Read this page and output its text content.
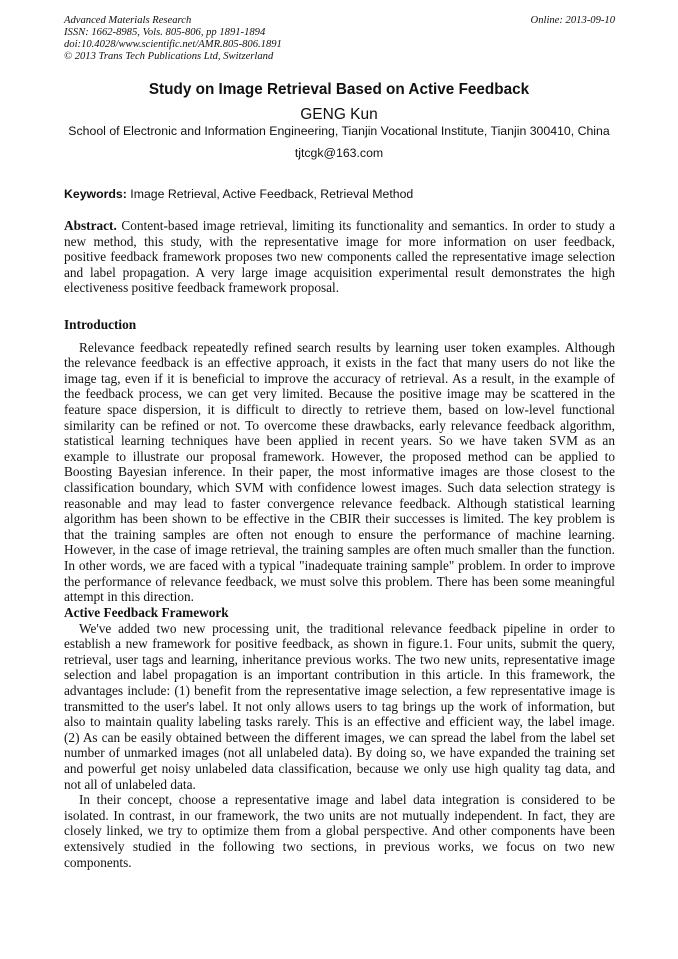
Advanced Materials Research
ISSN: 1662-8985, Vols. 805-806, pp 1891-1894
doi:10.4028/www.scientific.net/AMR.805-806.1891
© 2013 Trans Tech Publications Ltd, Switzerland
Online: 2013-09-10
Study on Image Retrieval Based on Active Feedback
GENG Kun
School of Electronic and Information Engineering, Tianjin Vocational Institute, Tianjin 300410, China
tjtcgk@163.com
Keywords: Image Retrieval, Active Feedback, Retrieval Method
Abstract. Content-based image retrieval, limiting its functionality and semantics. In order to study a
new method, this study, with the representative image for more information on user feedback,
positive feedback framework proposes two new components called the representative image selection
and label propagation. A very large image acquisition experimental result demonstrates the high
electiveness positive feedback framework proposal.
Introduction
Relevance feedback repeatedly refined search results by learning user token examples. Although
the relevance feedback is an effective approach, it exists in the fact that many users do not like the
image tag, even if it is beneficial to improve the accuracy of retrieval. As a result, in the example of
the feedback process, we can get very limited. Because the positive image may be scattered in the
feature space dispersion, it is difficult to directly to retrieve them, based on low-level functional
similarity can be refined or not. To overcome these drawbacks, early relevance feedback algorithm,
statistical learning techniques have been applied in recent years. So we have taken SVM as an
example to illustrate our proposal framework. However, the proposed method can be applied to
Boosting Bayesian inference. In their paper, the most informative images are those closest to the
classification boundary, which SVM with confidence lowest images. Such data selection strategy is
reasonable and may lead to faster convergence relevance feedback. Although statistical learning
algorithm has been shown to be effective in the CBIR their successes is limited. The key problem is
that the training samples are often not enough to ensure the performance of machine learning.
However, in the case of image retrieval, the training samples are often much smaller than the function.
In other words, we are faced with a typical "inadequate training sample" problem. In order to improve
the performance of relevance feedback, we must solve this problem. There has been some meaningful
attempt in this direction.
Active Feedback Framework
We've added two new processing unit, the traditional relevance feedback pipeline in order to
establish a new framework for positive feedback, as shown in figure.1. Four units, submit the query,
retrieval, user tags and learning, inheritance previous works. The two new units, representative image
selection and label propagation is an important contribution in this article. In this framework, the
advantages include: (1) benefit from the representative image selection, a few representative image is
transmitted to the user's label. It not only allows users to tag brings up the work of information, but
also to maintain quality labeling tasks rarely. This is an effective and efficient way, the label image.
(2) As can be easily obtained between the different images, we can spread the label from the label set
number of unmarked images (not all unlabeled data). By doing so, we have expanded the training set
and powerful get noisy unlabeled data classification, because we only use high quality tag data, and
not all of unlabeled data.
In their concept, choose a representative image and label data integration is considered to be
isolated. In contrast, in our framework, the two units are not mutually independent. In fact, they are
closely linked, we try to optimize them from a global perspective. And other components have been
extensively studied in the following two sections, in previous works, we focus on two new
components.
